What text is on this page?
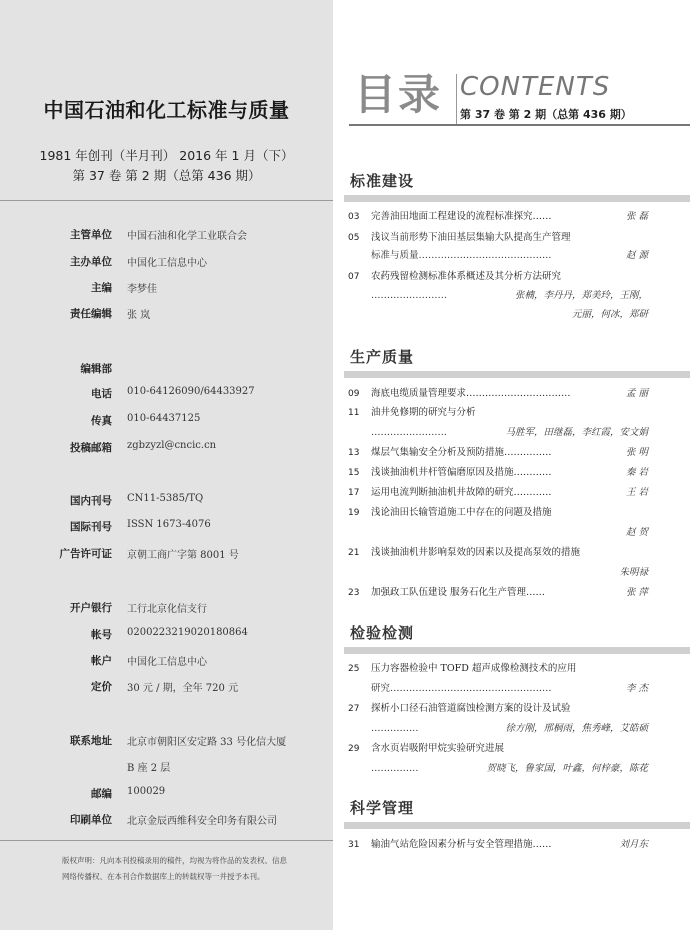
中国石油和化工标准与质量
1981 年创刊（半月刊） 2016 年 1 月（下）
第 37 卷 第 2 期（总第 436 期）
主管单位 中国石油和化学工业联合会
主办单位 中国化工信息中心
主编 李梦佳
责任编辑 张 岚
编辑部
电话 010-64126090/64433927
传真 010-64437125
投稿邮箱 zgbzyzl@cncic.cn
国内刊号 CN11-5385/TQ
国际刊号 ISSN 1673-4076
广告许可证 京朝工商广字第 8001 号
开户银行 工行北京化信支行
帐号 0200223219020180864
帐户 中国化工信息中心
定价 30 元 / 期，全年 720 元
联系地址 北京市朝阳区安定路 33 号化信大厦
B 座 2 层
邮编 100029
印刷单位 北京金辰西维科安全印务有限公司
版权声明：凡向本刊投稿录用的稿件，均视为将作品的发表权、信息
网络传播权、在本刊合作数据库上的转载权等一并授予本刊。
目录 CONTENTS
第 37 卷 第 2 期（总第 436 期）
标准建设
03	完善油田地面工程建设的流程标准探究……	张 磊
05	浅议当前形势下油田基层集输大队提高生产管理
标准与质量……………………………………	赵 源
07	农药残留检测标准体系概述及其分析方法研究
……………………	张楠，李丹丹，郑美玲，王刚，
元丽，何冰，郑研
生产质量
09	海底电缆质量管理要求……………………………	孟 丽
11	油井免修期的研究与分析
……………………	马胜军，田继磊，李红霞，安文娟
13	煤层气集输安全分析及预防措施……………	张 明
15	浅谈抽油机井杆管偏磨原因及措施…………	秦 岩
17	运用电流判断抽油机井故障的研究…………	王 岩
19	浅论油田长输管道施工中存在的问题及措施
赵 贺
21	浅谈抽油机井影响泵效的因素以及提高泵效的措施
朱明禄
23	加强政工队伍建设 服务石化生产管理……	张 萍
检验检测
25	压力容器检验中 TOFD 超声成像检测技术的应用
研究……………………………………………	李 杰
27	探析小口径石油管道腐蚀检测方案的设计及试验
……………	徐方刚，邢桐雨，焦秀峰，艾皓硕
29	含水页岩吸附甲烷实验研究进展
……………	贺晓飞，鲁家国，叶鑫，何梓豪，陈花
科学管理
31	输油气站危险因素分析与安全管理措施……	刘月东
